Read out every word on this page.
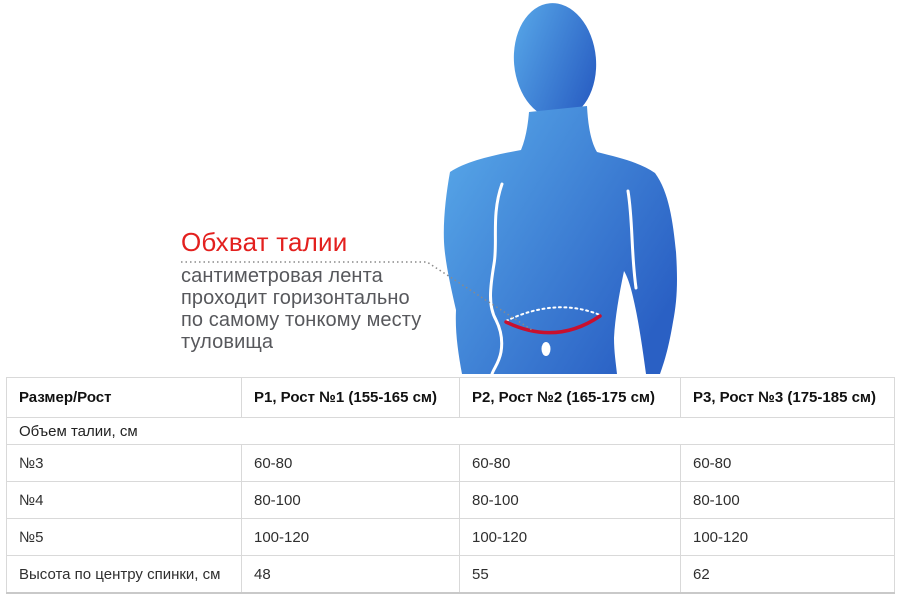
Обхват талии
сантиметровая лента
проходит горизонтально
по самому тонкому месту
туловища
Размер/Рост	Р1, Рост №1 (155-165 см)	Р2, Рост №2 (165-175 см)	Р3, Рост №3 (175-185 см)
Объем талии, см			
№3	60-80	60-80	60-80
№4	80-100	80-100	80-100
№5	100-120	100-120	100-120
Высота по центру спинки, см	48	55	62
